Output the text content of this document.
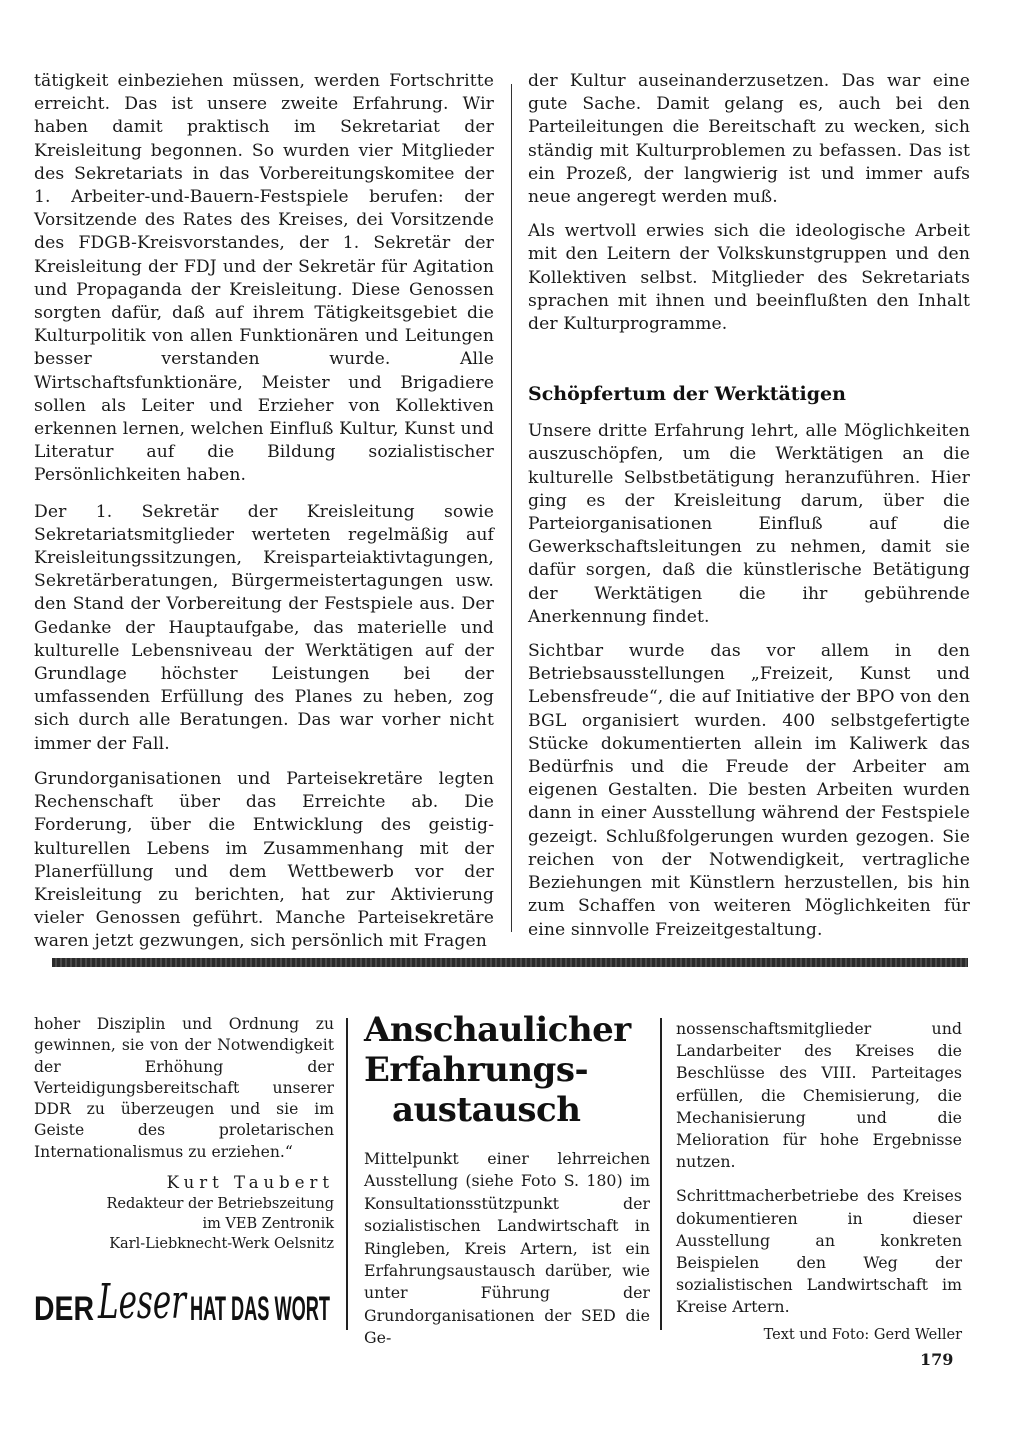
tätigkeit einbeziehen müssen, werden Fortschritte erreicht. Das ist unsere zweite Erfahrung. Wir haben damit praktisch im Sekretariat der Kreisleitung begonnen. So wurden vier Mitglieder des Sekretariats in das Vorbereitungskomitee der 1. Arbeiter-und-Bauern-Festspiele berufen: der Vorsitzende des Rates des Kreises, dei Vorsitzende des FDGB-Kreisvorstandes, der 1. Sekretär der Kreisleitung der FDJ und der Sekretär für Agitation und Propaganda der Kreisleitung. Diese Genossen sorgten dafür, daß auf ihrem Tätigkeitsgebiet die Kulturpolitik von allen Funktionären und Leitungen besser verstanden wurde. Alle Wirtschaftsfunktionäre, Meister und Brigadiere sollen als Leiter und Erzieher von Kollektiven erkennen lernen, welchen Einfluß Kultur, Kunst und Literatur auf die Bildung sozialistischer Persönlichkeiten haben.

Der 1. Sekretär der Kreisleitung sowie Sekretariatsmitglieder werteten regelmäßig auf Kreisleitungssitzungen, Kreisparteiaktivtagungen, Sekretärberatungen, Bürgermeistertagungen usw. den Stand der Vorbereitung der Festspiele aus. Der Gedanke der Hauptaufgabe, das materielle und kulturelle Lebensniveau der Werktätigen auf der Grundlage höchster Leistungen bei der umfassenden Erfüllung des Planes zu heben, zog sich durch alle Beratungen. Das war vorher nicht immer der Fall.

Grundorganisationen und Parteisekretäre legten Rechenschaft über das Erreichte ab. Die Forderung, über die Entwicklung des geistig-kulturellen Lebens im Zusammenhang mit der Planerfüllung und dem Wettbewerb vor der Kreisleitung zu berichten, hat zur Aktivierung vieler Genossen geführt. Manche Parteisekretäre waren jetzt gezwungen, sich persönlich mit Fragen

der Kultur auseinanderzusetzen. Das war eine gute Sache. Damit gelang es, auch bei den Parteileitungen die Bereitschaft zu wecken, sich ständig mit Kulturproblemen zu befassen. Das ist ein Prozeß, der langwierig ist und immer aufs neue angeregt werden muß.

Als wertvoll erwies sich die ideologische Arbeit mit den Leitern der Volkskunstgruppen und den Kollektiven selbst. Mitglieder des Sekretariats sprachen mit ihnen und beeinflußten den Inhalt der Kulturprogramme.

Schöpfertum der Werktätigen

Unsere dritte Erfahrung lehrt, alle Möglichkeiten auszuschöpfen, um die Werktätigen an die kulturelle Selbstbetätigung heranzuführen. Hier ging es der Kreisleitung darum, über die Parteiorganisationen Einfluß auf die Gewerkschaftsleitungen zu nehmen, damit sie dafür sorgen, daß die künstlerische Betätigung der Werktätigen die ihr gebührende Anerkennung findet.

Sichtbar wurde das vor allem in den Betriebsausstellungen „Freizeit, Kunst und Lebensfreude“, die auf Initiative der BPO von den BGL organisiert wurden. 400 selbstgefertigte Stücke dokumentierten allein im Kaliwerk das Bedürfnis und die Freude der Arbeiter am eigenen Gestalten. Die besten Arbeiten wurden dann in einer Ausstellung während der Festspiele gezeigt. Schlußfolgerungen wurden gezogen. Sie reichen von der Notwendigkeit, vertragliche Beziehungen mit Künstlern herzustellen, bis hin zum Schaffen von weiteren Möglichkeiten für eine sinnvolle Freizeitgestaltung.

hoher Disziplin und Ordnung zu gewinnen, sie von der Notwendigkeit der Erhöhung der Verteidigungsbereitschaft unserer DDR zu überzeugen und sie im Geiste des proletarischen Internationalismus zu erziehen.“

Kurt Taubert

Redakteur der Betriebszeitung

im VEB Zentronik

Karl-Liebknecht-Werk Oelsnitz

DER Leser HAT DAS WORT
Anschaulicher
Erfahrungs-
austausch

Mittelpunkt einer lehrreichen Ausstellung (siehe Foto S. 180) im Konsultationsstützpunkt der sozialistischen Landwirtschaft in Ringleben, Kreis Artern, ist ein Erfahrungsaustausch darüber, wie unter Führung der Grundorganisationen der SED die Ge-

nossenschaftsmitglieder und Landarbeiter des Kreises die Beschlüsse des VIII. Parteitages erfüllen, die Chemisierung, die Mechanisierung und die Melioration für hohe Ergebnisse nutzen.

Schrittmacherbetriebe des Kreises dokumentieren in dieser Ausstellung an konkreten Beispielen den Weg der sozialistischen Landwirtschaft im Kreise Artern.

Text und Foto: Gerd Weller

179
